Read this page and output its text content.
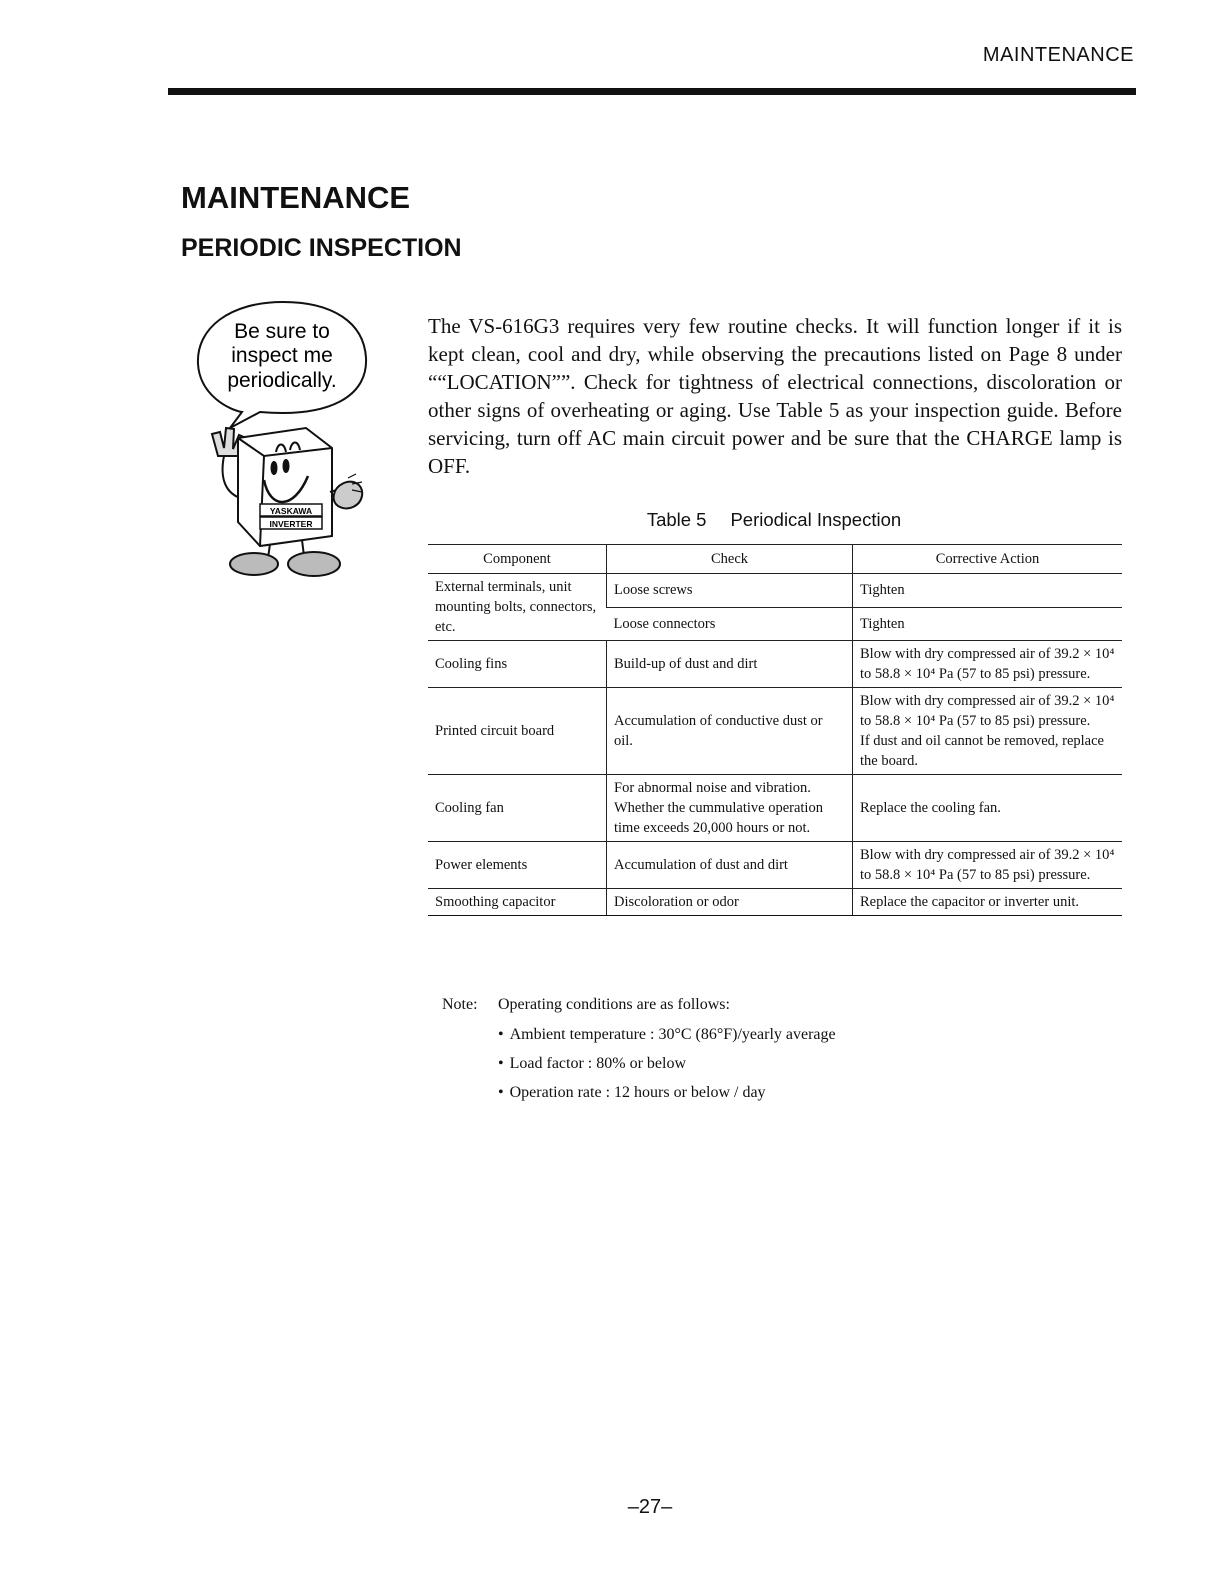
MAINTENANCE
MAINTENANCE
PERIODIC INSPECTION
Be sure to
inspect me
periodically.
YASKAWA
INVERTER

The VS-616G3 requires very few routine checks. It will function longer if it is kept clean, cool and dry, while observing the precautions listed on Page 8 under ““LOCATION””. Check for tightness of electrical connections, discoloration or other signs of overheating or aging. Use Table 5 as your inspection guide. Before servicing, turn off AC main circuit power and be sure that the CHARGE lamp is OFF.

Table 5 Periodical Inspection
Component	Check	Corrective Action
External terminals, unit mounting bolts, connectors, etc.	Loose screws	Tighten
	Loose connectors	Tighten
Cooling fins	Build-up of dust and dirt	Blow with dry compressed air of 39.2 × 10⁴ to 58.8 × 10⁴ Pa (57 to 85 psi) pressure.
Printed circuit board	Accumulation of conductive dust or oil.	Blow with dry compressed air of 39.2 × 10⁴ to 58.8 × 10⁴ Pa (57 to 85 psi) pressure.
If dust and oil cannot be removed, replace the board.

Cooling fan	For abnormal noise and vibration.
Whether the cummulative operation time exceeds 20,000 hours or not.	Replace the cooling fan.
Power elements	Accumulation of dust and dirt	Blow with dry compressed air of 39.2 × 10⁴ to 58.8 × 10⁴ Pa (57 to 85 psi) pressure.
Smoothing capacitor	Discoloration or odor	Replace the capacitor or inverter unit.
Note: Operating conditions are as follows:
• Ambient temperature : 30°C (86°F)/yearly average
• Load factor : 80% or below
• Operation rate : 12 hours or below / day
–27–
